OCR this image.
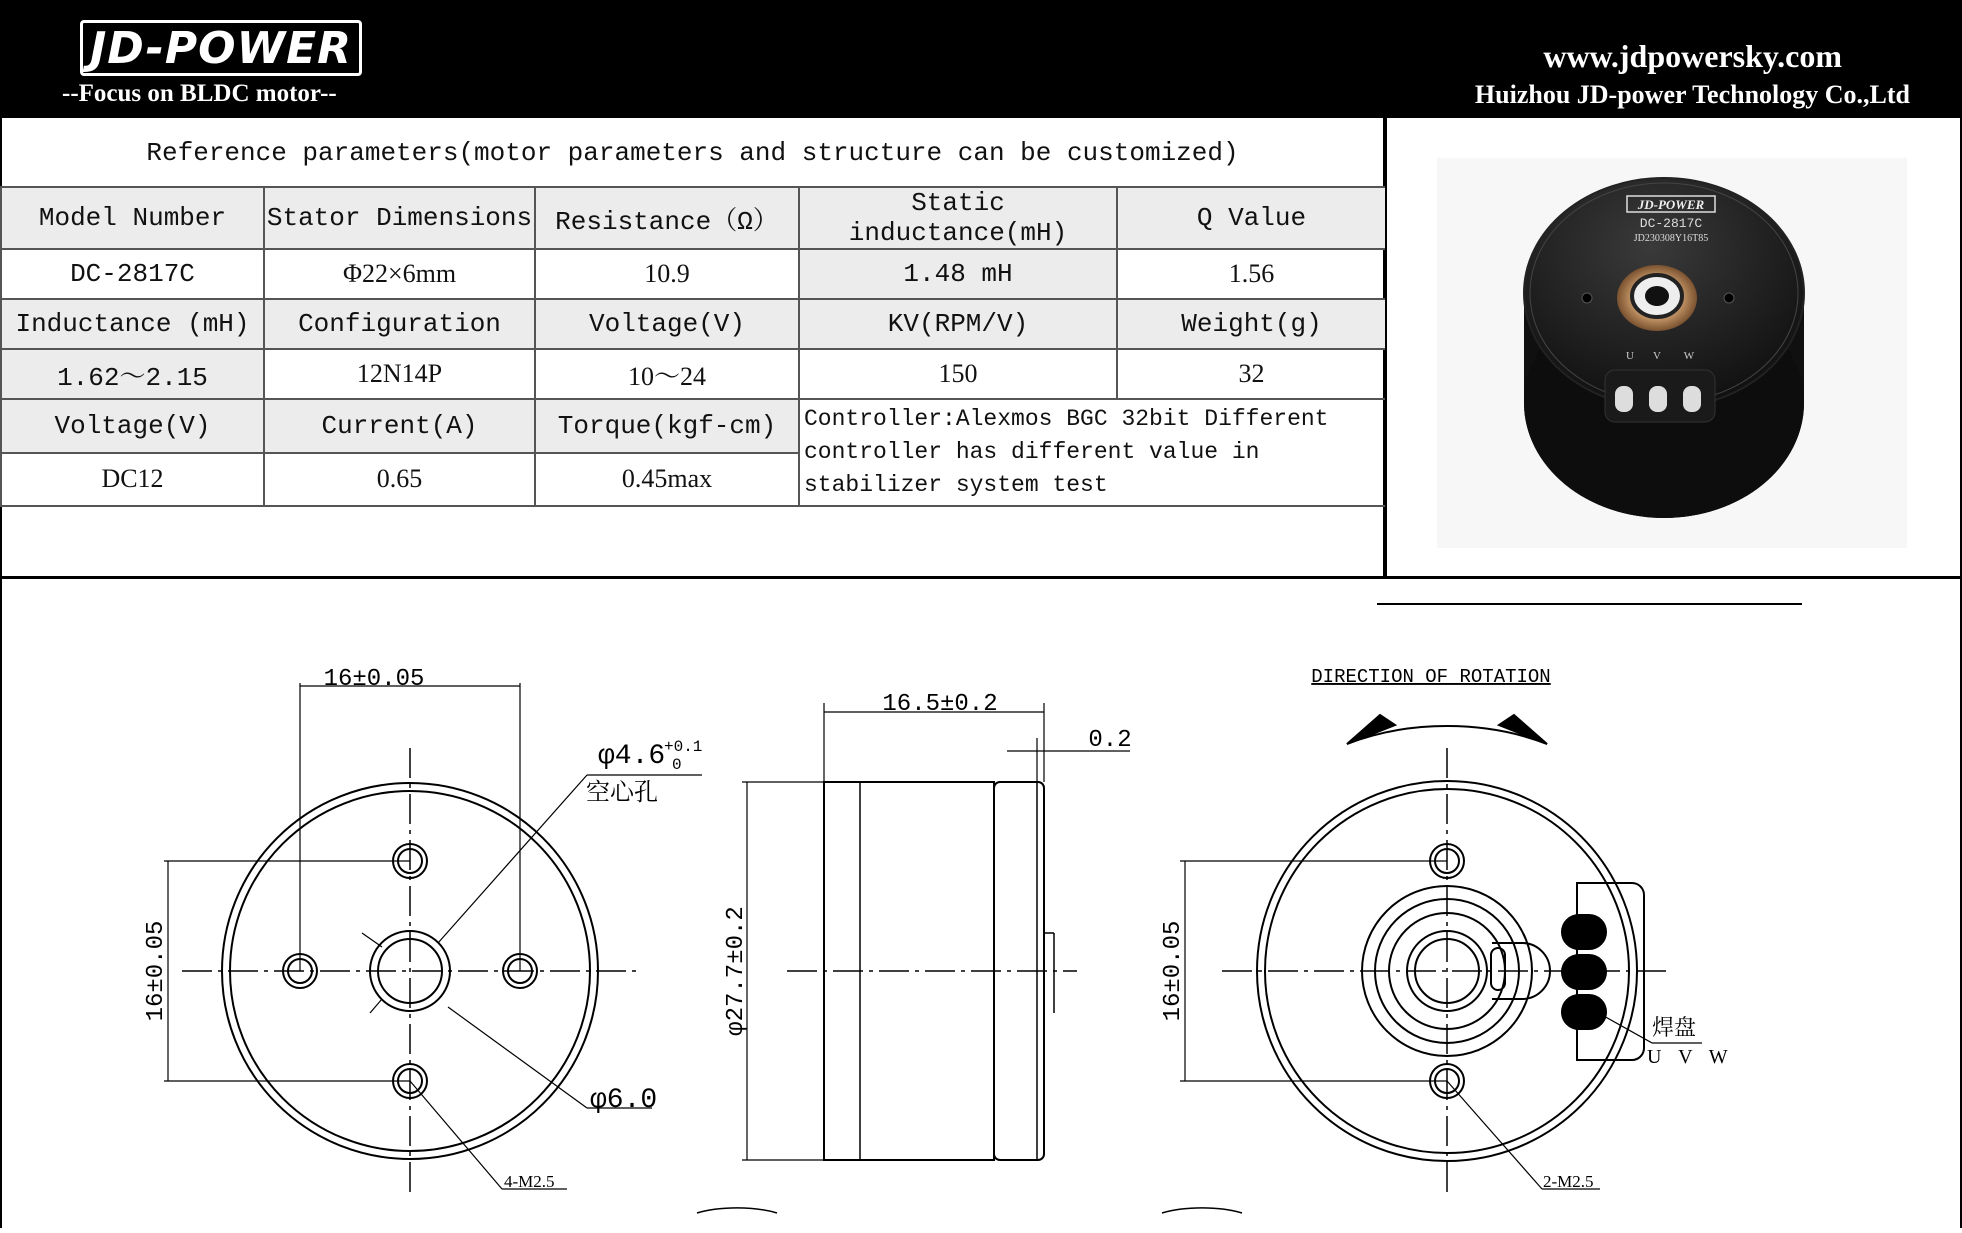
JD-POWER
--Focus on BLDC motor--
www.jdpowersky.com
Huizhou JD-power Technology Co.,Ltd
Reference parameters(motor parameters and structure can be customized)
Model Number	Stator Dimensions	Resistance（Ω）	Static inductance(mH)	Q Value
DC-2817C	Φ22×6mm	10.9	1.48 mH	1.56
Inductance (mH)	Configuration	Voltage(V)	KV(RPM/V)	Weight(g)
1.62～2.15	12N14P	10～24	150	32
Voltage(V)	Current(A)	Torque(kgf-cm)	Controller:Alexmos BGC 32bit Different controller has different value in stabilizer system test	
DC12	0.65	0.45max		
U V W
JD-POWER
DC-2817C
JD230308Y16T85
16±0.05
16±0.05
φ4.6
+0.1
0
空心孔
φ6.0
4-M2.5
16.5±0.2
0.2
φ27.7±0.2
DIRECTION OF ROTATION
16±0.05
焊盘
U V W
2-M2.5
